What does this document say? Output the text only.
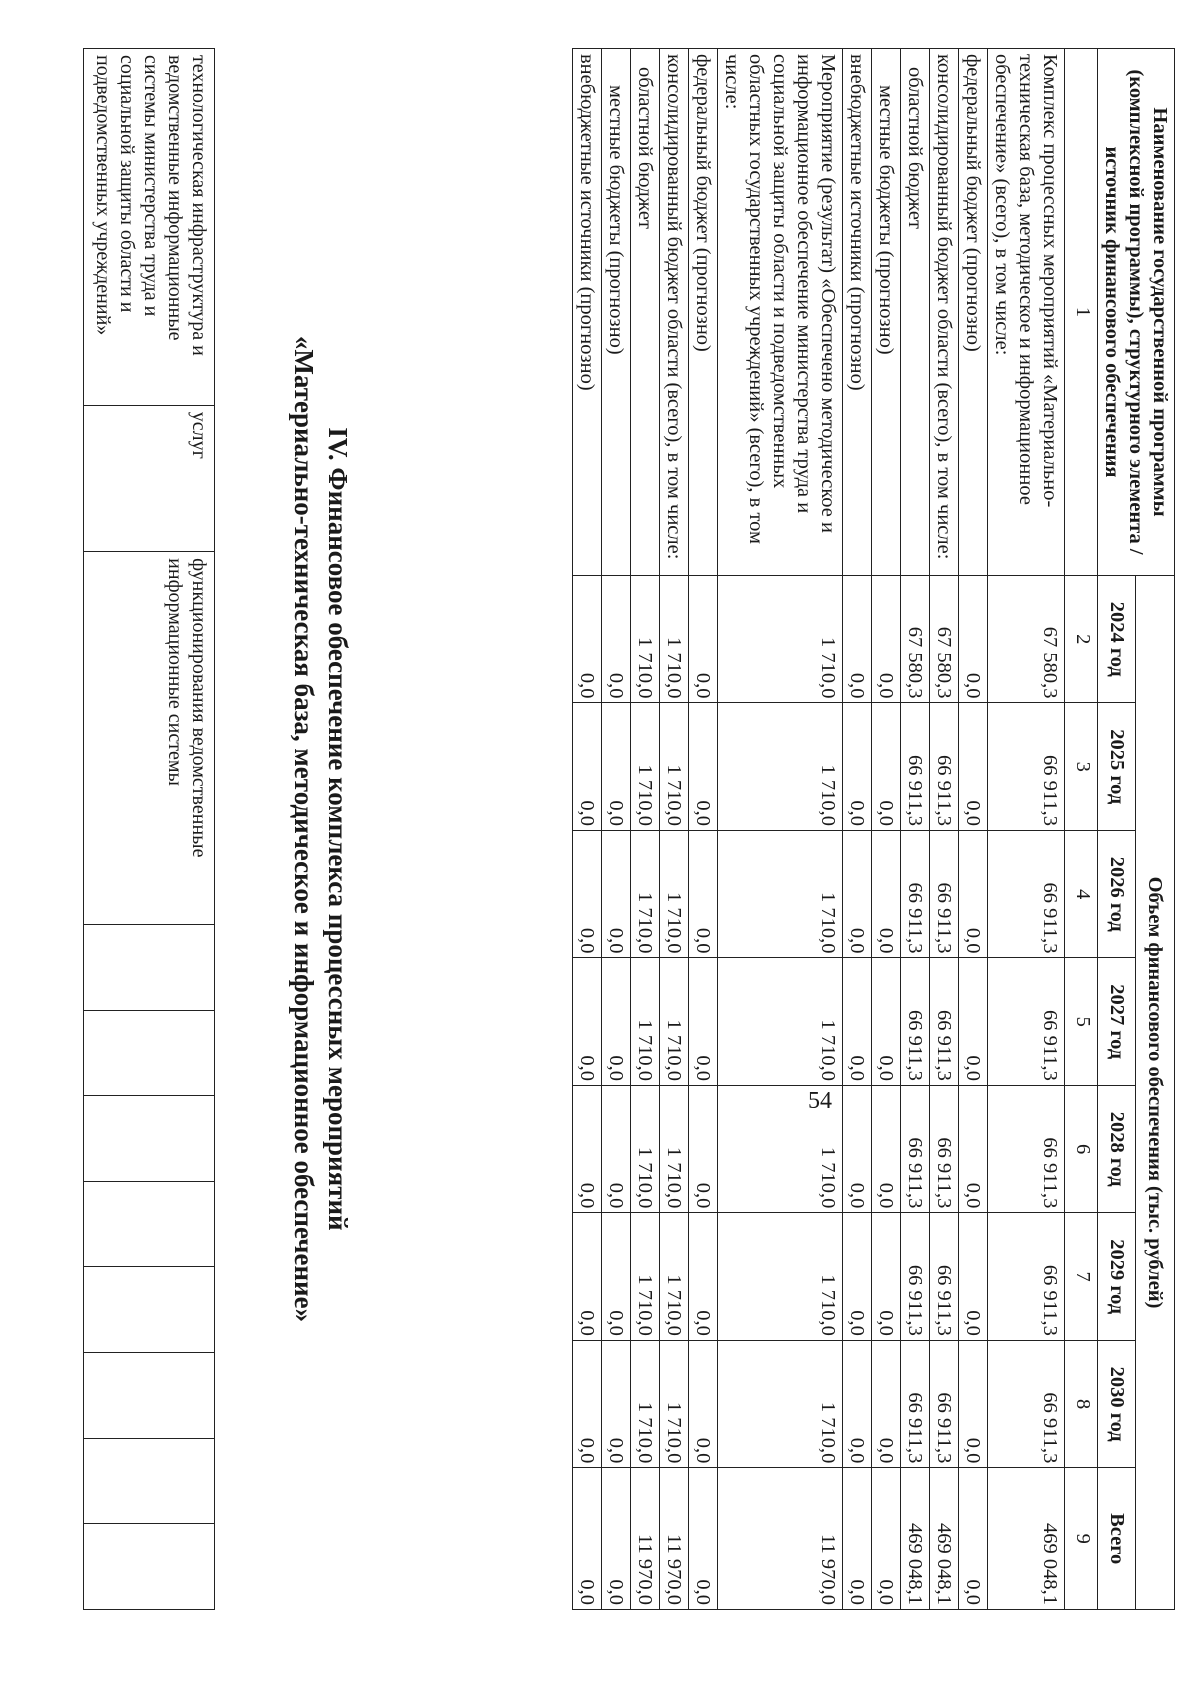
Наименование государственной программы (комплексной программы), структурного элемента / источник финансового обеспечения	Объем финансового обеспечения (тыс. рублей)							
	2024 год	2025 год	2026 год	2027 год	2028 год	2029 год	2030 год	Всего
1	2	3	4	5	6	7	8	9
Комплекс процессных мероприятий «Материально-техническая база, методическое и информационное обеспечение» (всего), в том числе:	67 580,3	66 911,3	66 911,3	66 911,3	66 911,3	66 911,3	66 911,3	469 048,1
федеральный бюджет (прогнозно)	0,0	0,0	0,0	0,0	0,0	0,0	0,0	0,0
консолидированный бюджет области (всего), в том числе:	67 580,3	66 911,3	66 911,3	66 911,3	66 911,3	66 911,3	66 911,3	469 048,1
областной бюджет	67 580,3	66 911,3	66 911,3	66 911,3	66 911,3	66 911,3	66 911,3	469 048,1
местные бюджеты (прогнозно)	0,0	0,0	0,0	0,0	0,0	0,0	0,0	0,0
внебюджетные источники (прогнозно)	0,0	0,0	0,0	0,0	0,0	0,0	0,0	0,0
Мероприятие (результат) «Обеспечено методическое и информационное обеспечение министерства труда и социальной защиты области и подведомственных областных государственных учреждений» (всего), в том числе:	1 710,0	1 710,0	1 710,0	1 710,0	1 710,0	1 710,0	1 710,0	11 970,0
федеральный бюджет (прогнозно)	0,0	0,0	0,0	0,0	0,0	0,0	0,0	0,0
консолидированный бюджет области (всего), в том числе:	1 710,0	1 710,0	1 710,0	1 710,0	1 710,0	1 710,0	1 710,0	11 970,0
областной бюджет	1 710,0	1 710,0	1 710,0	1 710,0	1 710,0	1 710,0	1 710,0	11 970,0
местные бюджеты (прогнозно)	0,0	0,0	0,0	0,0	0,0	0,0	0,0	0,0
внебюджетные источники (прогнозно)	0,0	0,0	0,0	0,0	0,0	0,0	0,0	0,0
IV. Финансовое обеспечение комплекса процессных мероприятий
«Материально-техническая база, методическое и информационное обеспечение»
технологическая инфраструктура и ведомственные информационные системы министерства труда и социальной защиты области и подведомственных учреждений»	услуг	функционирования ведомственные информационные системы								
54
